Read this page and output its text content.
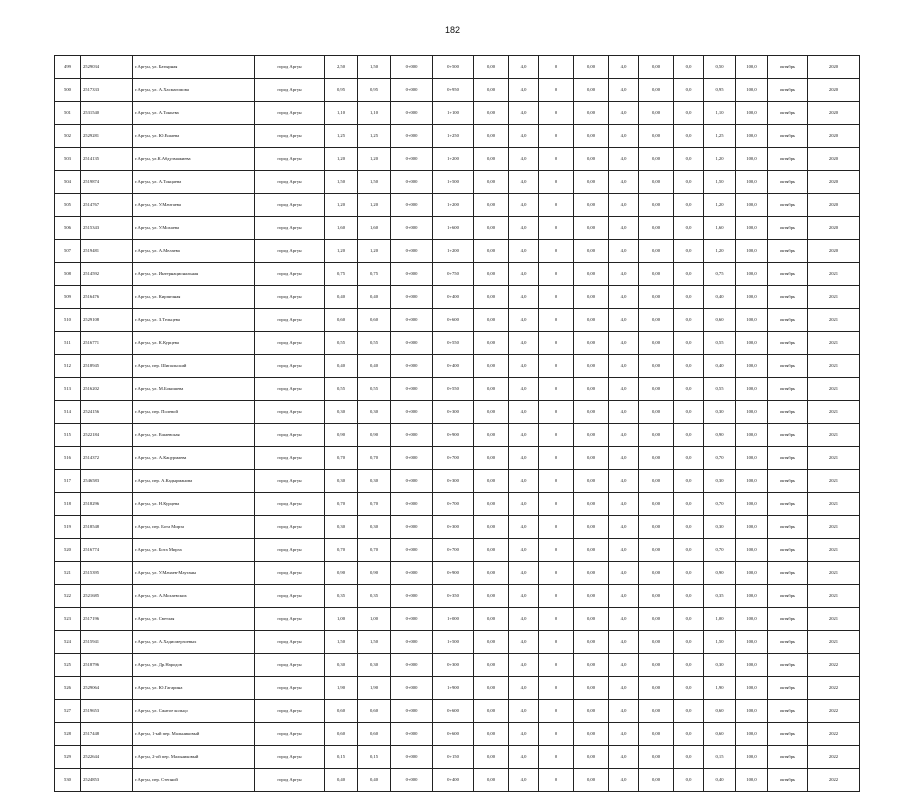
182
499	2529034	г.Аргун, ул. Батырная	город Аргун	2,50	1,50	0+000	0+500	0,00	4,0	0	0,00	4,0	0,00	0,0	0,50	100,0	октябрь	2020
500	2517333	г.Аргун, ул. А.Хасмагомова	город Аргун	0,95	0,95	0+000	0+950	0,00	4,0	0	0,00	4,0	0,00	0,0	0,95	100,0	октябрь	2020
501	2531540	г.Аргун, ул. А.Тоньева	город Аргун	1,10	1,10	0+000	1+100	0,00	4,0	0	0,00	4,0	0,00	0,0	1,10	100,0	октябрь	2020
502	2529281	г.Аргун, ул. Ю.Ешаева	город Аргун	1,25	1,25	0+000	1+250	0,00	4,0	0	0,00	4,0	0,00	0,0	1,25	100,0	октябрь	2020
503	2514135	г.Аргун, ул.К.Абдулмажиева	город Аргун	1,20	1,20	0+000	1+200	0,00	4,0	0	0,00	4,0	0,00	0,0	1,20	100,0	октябрь	2020
504	2519874	г.Аргун, ул. А.Тонцаева	город Аргун	1,50	1,50	0+000	1+500	0,00	4,0	0	0,00	4,0	0,00	0,0	1,50	100,0	октябрь	2020
505	2514767	г.Аргун, ул. У.Мачтаева	город Аргун	1,20	1,20	0+000	1+200	0,00	4,0	0	0,00	4,0	0,00	0,0	1,20	100,0	октябрь	2020
506	2515343	г.Аргун, ул. У.Мохаева	город Аргун	1,60	1,60	0+000	1+600	0,00	4,0	0	0,00	4,0	0,00	0,0	1,60	100,0	октябрь	2020
507	2519481	г.Аргун, ул. А.Мелаева	город Аргун	1,20	1,20	0+000	1+200	0,00	4,0	0	0,00	4,0	0,00	0,0	1,20	100,0	октябрь	2020
508	2514592	г.Аргун, ул. Интернациональная	город Аргун	0,75	0,75	0+000	0+750	0,00	4,0	0	0,00	4,0	0,00	0,0	0,75	100,0	октябрь	2021
509	2516476	г.Аргун, ул. Кирпичная	город Аргун	0,40	0,40	0+000	0+400	0,00	4,0	0	0,00	4,0	0,00	0,0	0,40	100,0	октябрь	2021
510	2529108	г.Аргун, ул. З.Тельцева	город Аргун	0,60	0,60	0+000	0+600	0,00	4,0	0	0,00	4,0	0,00	0,0	0,60	100,0	октябрь	2021
511	2516771	г.Аргун, ул. К.Курцева	город Аргун	0,55	0,55	0+000	0+550	0,00	4,0	0	0,00	4,0	0,00	0,0	0,55	100,0	октябрь	2021
512	2518945	г.Аргун, пер. Шипальский	город Аргун	0,40	0,40	0+000	0+400	0,00	4,0	0	0,00	4,0	0,00	0,0	0,40	100,0	октябрь	2021
513	2516202	г.Аргун, ул. М.Бокишева	город Аргун	0,55	0,55	0+000	0+550	0,00	4,0	0	0,00	4,0	0,00	0,0	0,55	100,0	октябрь	2021
514	2524156	г.Аргун, пер. Полевой	город Аргун	0,30	0,30	0+000	0+300	0,00	4,0	0	0,00	4,0	0,00	0,0	0,30	100,0	октябрь	2021
515	2522184	г.Аргун, ул. Ешаевская	город Аргун	0,90	0,90	0+000	0+900	0,00	4,0	0	0,00	4,0	0,00	0,0	0,90	100,0	октябрь	2021
516	2514372	г.Аргун, ул. А.Кацурмаева	город Аргун	0,70	0,70	0+000	0+700	0,00	4,0	0	0,00	4,0	0,00	0,0	0,70	100,0	октябрь	2021
517	2546583	г.Аргун, пер. А.Кадырманова	город Аргун	0,30	0,30	0+000	0+300	0,00	4,0	0	0,00	4,0	0,00	0,0	0,30	100,0	октябрь	2021
518	2518296	г.Аргун, ул. Н.Курцева	город Аргун	0,70	0,70	0+000	0+700	0,00	4,0	0	0,00	4,0	0,00	0,0	0,70	100,0	октябрь	2021
519	2518548	г.Аргун, пер. Бота Мирза	город Аргун	0,30	0,30	0+000	0+300	0,00	4,0	0	0,00	4,0	0,00	0,0	0,30	100,0	октябрь	2021
520	2516774	г.Аргун, ул. Бота Мирза	город Аргун	0,70	0,70	0+000	0+700	0,00	4,0	0	0,00	4,0	0,00	0,0	0,70	100,0	октябрь	2021
521	2515395	г.Аргун, ул. У.Мачаев-Мауганы	город Аргун	0,90	0,90	0+000	0+900	0,00	4,0	0	0,00	4,0	0,00	0,0	0,90	100,0	октябрь	2021
522	2521685	г.Аргун, ул. А.Мохаевских	город Аргун	0,35	0,35	0+000	0+350	0,00	4,0	0	0,00	4,0	0,00	0,0	0,35	100,0	октябрь	2021
523	2517196	г.Аргун, ул. Светлая	город Аргун	1,00	1,00	0+000	1+000	0,00	4,0	0	0,00	4,0	0,00	0,0	1,00	100,0	октябрь	2021
524	2515941	г.Аргун, ул. А.Хадисмерзоевых	город Аргун	1,50	1,50	0+000	1+500	0,00	4,0	0	0,00	4,0	0,00	0,0	1,50	100,0	октябрь	2021
525	2518796	г.Аргун, ул. Др.Народов	город Аргун	0,30	0,30	0+000	0+300	0,00	4,0	0	0,00	4,0	0,00	0,0	0,30	100,0	октябрь	2022
526	2529064	г.Аргун, ул. Ю.Гагарина	город Аргун	1,90	1,90	0+000	1+900	0,00	4,0	0	0,00	4,0	0,00	0,0	1,90	100,0	октябрь	2022
527	2519653	г.Аргун, ул. Сжатое кольцо	город Аргун	0,60	0,60	0+000	0+600	0,00	4,0	0	0,00	4,0	0,00	0,0	0,60	100,0	октябрь	2022
528	2517448	г.Аргун, 1-ый пер. Мальниковый	город Аргун	0,60	0,60	0+000	0+600	0,00	4,0	0	0,00	4,0	0,00	0,0	0,60	100,0	октябрь	2022
529	2522644	г.Аргун, 2-ой пер. Мальниковый	город Аргун	0,15	0,15	0+000	0+150	0,00	4,0	0	0,00	4,0	0,00	0,0	0,15	100,0	октябрь	2022
530	2524853	г.Аргун, пер. Степной	город Аргун	0,40	0,40	0+000	0+400	0,00	4,0	0	0,00	4,0	0,00	0,0	0,40	100,0	октябрь	2022
